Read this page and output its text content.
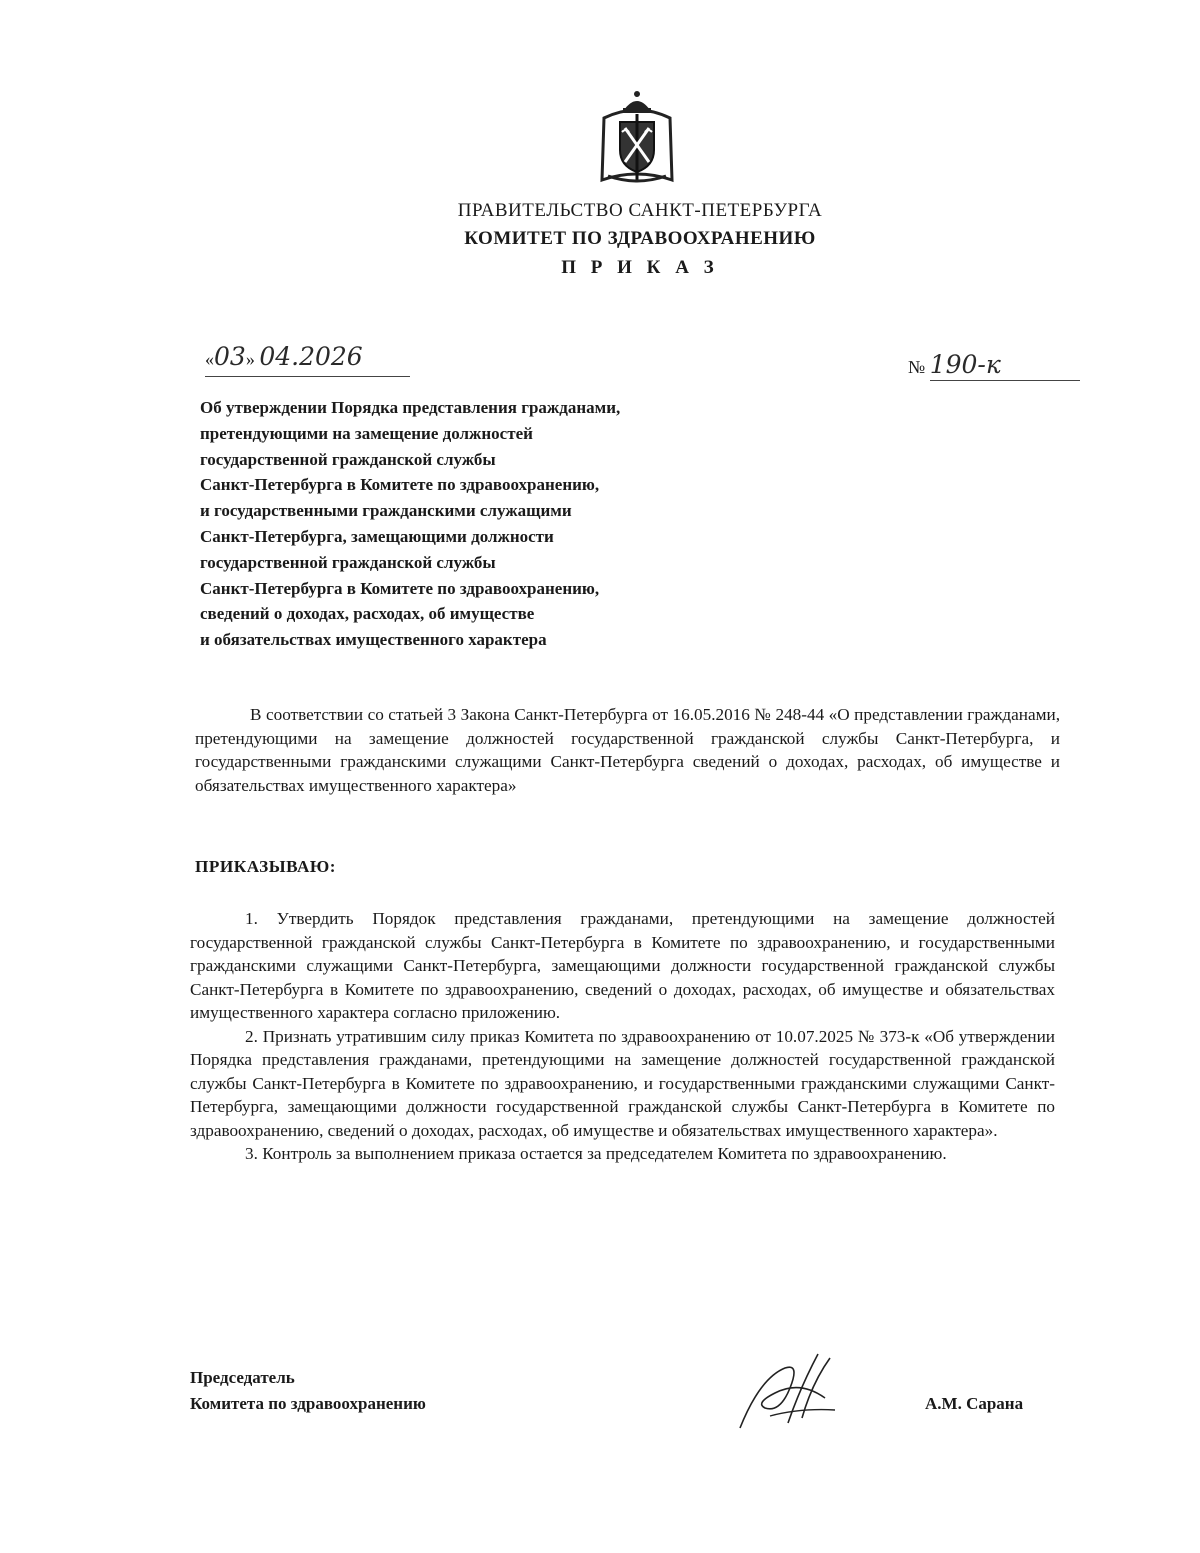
ПРАВИТЕЛЬСТВО САНКТ-ПЕТЕРБУРГА
КОМИТЕТ ПО ЗДРАВООХРАНЕНИЮ
П Р И К А З
«03» 04.2026	№ 190-к
Об утверждении Порядка представления гражданами,
претендующими на замещение должностей
государственной гражданской службы
Санкт-Петербурга в Комитете по здравоохранению,
и государственными гражданскими служащими
Санкт-Петербурга, замещающими должности
государственной гражданской службы
Санкт-Петербурга в Комитете по здравоохранению,
сведений о доходах, расходах, об имуществе
и обязательствах имущественного характера
В соответствии со статьей 3 Закона Санкт-Петербурга от 16.05.2016 № 248-44 «О представлении гражданами, претендующими на замещение должностей государственной гражданской службы Санкт-Петербурга, и государственными гражданскими служащими Санкт-Петербурга сведений о доходах, расходах, об имуществе и обязательствах имущественного характера»
ПРИКАЗЫВАЮ:

1. Утвердить Порядок представления гражданами, претендующими на замещение должностей государственной гражданской службы Санкт-Петербурга в Комитете по здравоохранению, и государственными гражданскими служащими Санкт-Петербурга, замещающими должности государственной гражданской службы Санкт-Петербурга в Комитете по здравоохранению, сведений о доходах, расходах, об имуществе и обязательствах имущественного характера согласно приложению.

2. Признать утратившим силу приказ Комитета по здравоохранению от 10.07.2025 № 373-к «Об утверждении Порядка представления гражданами, претендующими на замещение должностей государственной гражданской службы Санкт-Петербурга в Комитете по здравоохранению, и государственными гражданскими служащими Санкт-Петербурга, замещающими должности государственной гражданской службы Санкт-Петербурга в Комитете по здравоохранению, сведений о доходах, расходах, об имуществе и обязательствах имущественного характера».

3. Контроль за выполнением приказа остается за председателем Комитета по здравоохранению.

Председатель
Комитета по здравоохранению	А.М. Сарана
